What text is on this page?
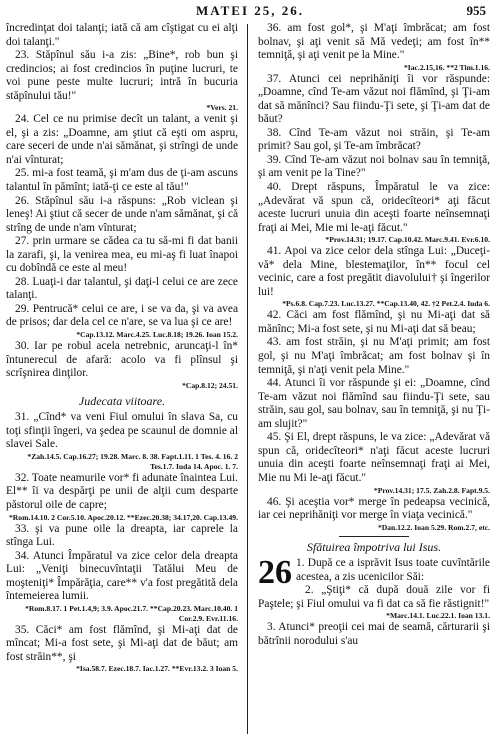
MATEI 25, 26.	955

încredinţat doi talanţi; iată că am cîştigat cu ei alţi doi talanţi."

23. Stăpînul său i-a zis: „Bine*, rob bun şi credincios; ai fost credincios în puţine lucruri, te voi pune peste multe lucruri; intră în bucuria stăpînului tău!"

*Vers. 21.

24. Cel ce nu primise decît un talant, a venit şi el, şi a zis: „Doamne, am ştiut că eşti om aspru, care seceri de unde n'ai sămănat, şi strîngi de unde n'ai vînturat;

25. mi-a fost teamă, şi m'am dus de ţi-am ascuns talantul în pămînt; iată-ţi ce este al tău!"

26. Stăpînul său i-a răspuns: „Rob viclean şi leneş! Ai ştiut că secer de unde n'am sămănat, şi că strîng de unde n'am vînturat;

27. prin urmare se cădea ca tu să-mi fi dat banii la zarafi, şi, la venirea mea, eu mi-aş fi luat înapoi cu dobîndă ce este al meu!

28. Luaţi-i dar talantul, şi daţi-l celui ce are zece talanţi.

29. Pentrucă* celui ce are, i se va da, şi va avea de prisos; dar dela cel ce n'are, se va lua şi ce are!

*Cap.13.12. Marc.4.25. Luc.8.18; 19.26. Ioan 15.2.

30. Iar pe robul acela netrebnic, aruncaţi-l în* întunerecul de afară: acolo va fi plînsul şi scrîşnirea dinţilor.

*Cap.8.12; 24.51.

Judecata viitoare.

31. „Cînd* va veni Fiul omului în slava Sa, cu toţi sfinţii îngeri, va şedea pe scaunul de domnie al slavei Sale.

*Zah.14.5. Cap.16.27; 19.28. Marc. 8. 38. Fapt.1.11. 1 Tes. 4. 16. 2 Tes.1.7. Iuda 14. Apoc. 1. 7.

32. Toate neamurile vor* fi adunate înaintea Lui. El** îi va despărţi pe unii de alţii cum desparte păstorul oile de capre;

*Rom.14.10. 2 Cor.5.10. Apoc.20.12. **Ezec.20.38; 34.17,20. Cap.13.49.

33. şi va pune oile la dreapta, iar caprele la stînga Lui.

34. Atunci Împăratul va zice celor dela dreapta Lui: „Veniţi binecuvîntaţii Tatălui Meu de moşteniţi* Împărăţia, care** v'a fost pregătită dela întemeierea lumii.

*Rom.8.17. 1 Pet.1.4,9; 3.9. Apoc.21.7. **Cap.20.23. Marc.10.40. 1 Cor.2.9. Evr.11.16.

35. Căci* am fost flămînd, şi Mi-aţi dat de mîncat; Mi-a fost sete, şi Mi-aţi dat de băut; am fost străin**, şi

*Isa.58.7. Ezec.18.7. Iac.1.27. **Evr.13.2. 3 Ioan 5.

36. am fost gol*, şi M'aţi îmbrăcat; am fost bolnav, şi aţi venit să Mă vedeţi; am fost în** temniţă, şi aţi venit pe la Mine."

*Iac.2.15,16. **2 Tim.1.16.

37. Atunci cei neprihăniţi îi vor răspunde: „Doamne, cînd Te-am văzut noi flămînd, şi Ţi-am dat să mănînci? Sau fiindu-Ţi sete, şi Ţi-am dat de băut?

38. Cînd Te-am văzut noi străin, şi Te-am primit? Sau gol, şi Te-am îmbrăcat?

39. Cînd Te-am văzut noi bolnav sau în temniţă, şi am venit pe la Tine?"

40. Drept răspuns, Împăratul le va zice: „Adevărat vă spun că, oridecîteori* aţi făcut aceste lucruri unuia din aceşti foarte neînsemnaţi fraţi ai Mei, Mie mi le-aţi făcut."

*Prov.14.31; 19.17. Cap.10.42. Marc.9.41. Evr.6.10.

41. Apoi va zice celor dela stînga Lui: „Duceţi-vă* dela Mine, blestemaţilor, în** focul cel vecinic, care a fost pregătit diavolului† şi îngerilor lui!

*Ps.6.8. Cap.7.23. Luc.13.27. **Cap.13.40, 42. †2 Pet.2.4. Iuda 6.

42. Căci am fost flămînd, şi nu Mi-aţi dat să mănînc; Mi-a fost sete, şi nu Mi-aţi dat să beau;

43. am fost străin, şi nu M'aţi primit; am fost gol, şi nu M'aţi îmbrăcat; am fost bolnav şi în temniţă, şi n'aţi venit pela Mine."

44. Atunci îi vor răspunde şi ei: „Doamne, cînd Te-am văzut noi flămînd sau fiindu-Ţi sete, sau străin, sau gol, sau bolnav, sau în temniţă, şi nu Ţi-am slujit?"

45. Şi El, drept răspuns, le va zice: „Adevărat vă spun că, oridecîteori* n'aţi făcut aceste lucruri unuia din aceşti foarte neînsemnaţi fraţi ai Mei, Mie nu Mi le-aţi făcut."

*Prov.14.31; 17.5. Zah.2.8. Fapt.9.5.

46. Şi aceştia vor* merge în pedeapsa vecinică, iar cei neprihăniţi vor merge în viaţa vecinică."

*Dan.12.2. Ioan 5.29. Rom.2.7, etc.

Sfătuirea împotriva lui Isus.

26 1. După ce a isprăvit Isus toate cuvîntările acestea, a zis ucenicilor Săi:

2. „Ştiţi* că după două zile vor fi Paştele; şi Fiul omului va fi dat ca să fie răstignit!"

*Marc.14.1. Luc.22.1. Ioan 13.1.

3. Atunci* preoţii cei mai de seamă, cărturarii şi bătrînii norodului s'au
